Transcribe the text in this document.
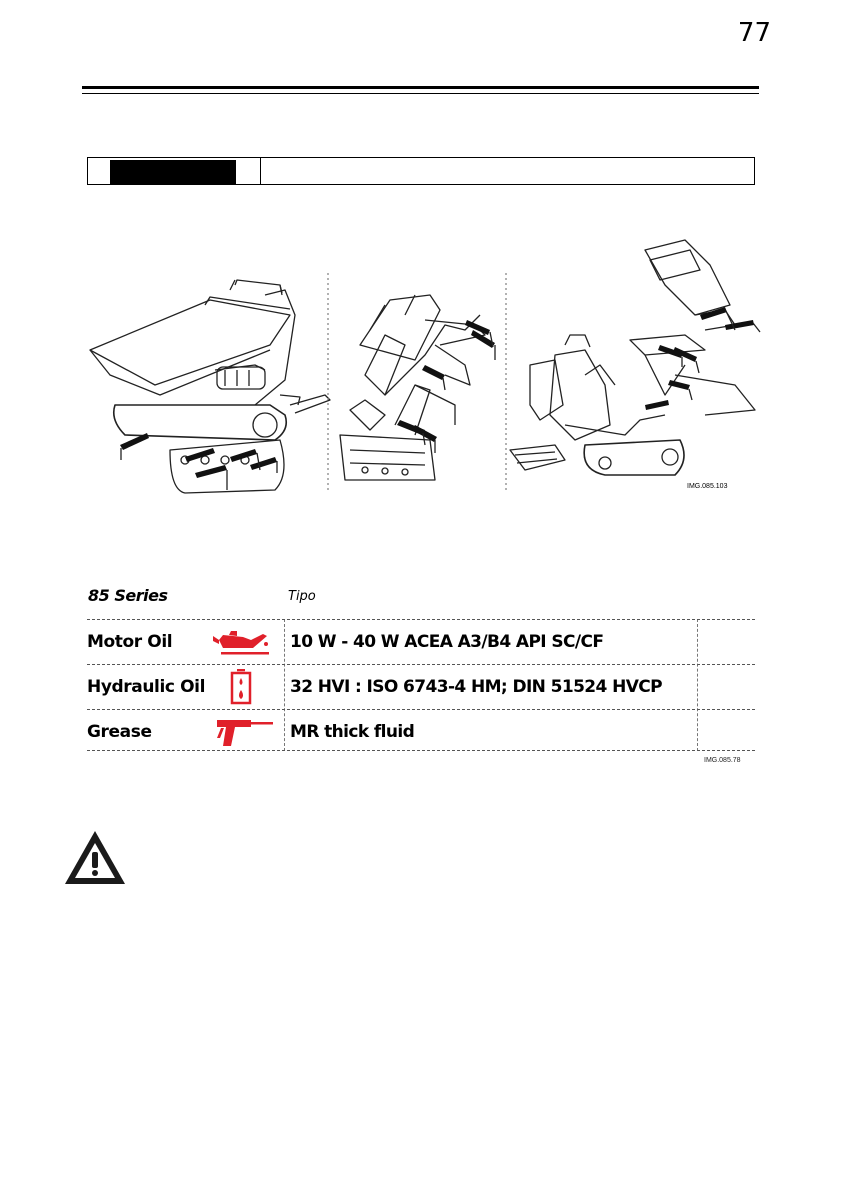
77
IMG.085.103
85 Series	Tipo
Motor Oil	10 W - 40 W ACEA A3/B4 API SC/CF
Hydraulic Oil	32 HVI : ISO 6743-4 HM; DIN 51524 HVCP
Grease	MR thick fluid
IMG.085.78
